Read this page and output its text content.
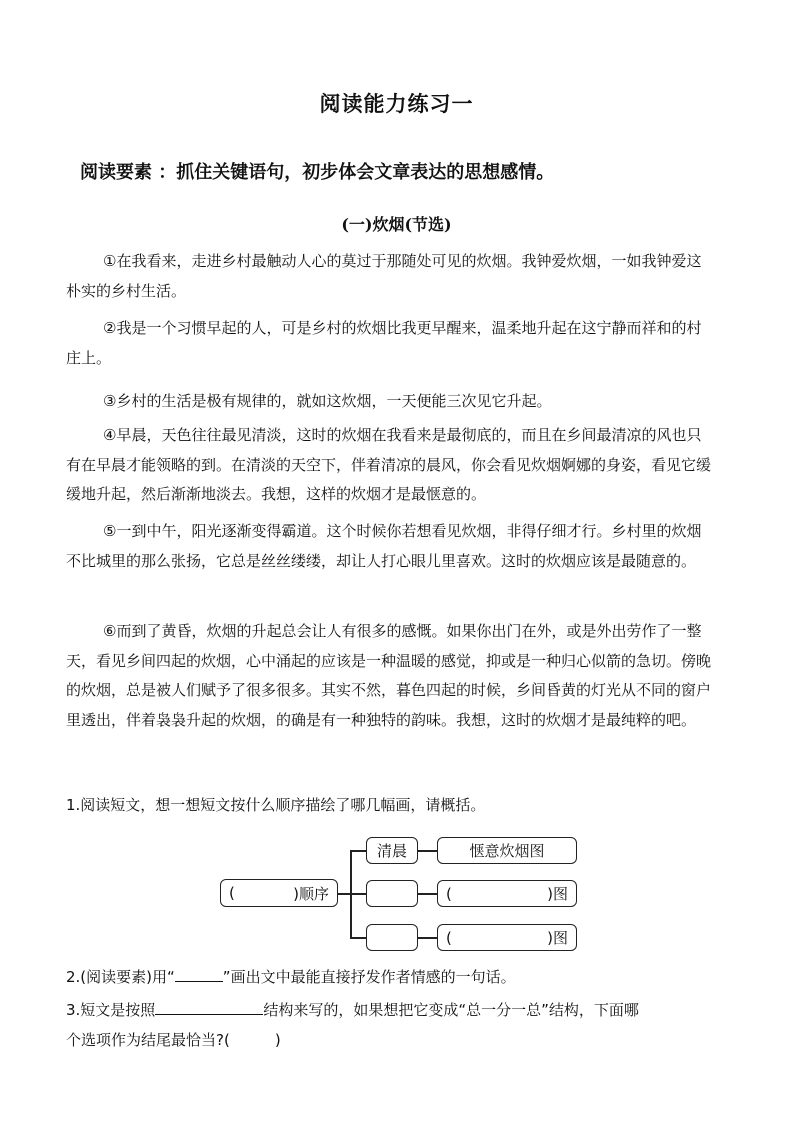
阅读能力练习一
阅读要素 ：抓住关键语句，初步体会文章表达的思想感情。
(一)炊烟(节选)
①在我看来，走进乡村最触动人心的莫过于那随处可见的炊烟。我钟爱炊烟，一如我钟爱这朴实的乡村生活。
②我是一个习惯早起的人，可是乡村的炊烟比我更早醒来，温柔地升起在这宁静而祥和的村庄上。
③乡村的生活是极有规律的，就如这炊烟，一天便能三次见它升起。
④早晨，天色往往最见清淡，这时的炊烟在我看来是最彻底的，而且在乡间最清凉的风也只有在早晨才能领略的到。在清淡的天空下，伴着清凉的晨风，你会看见炊烟婀娜的身姿，看见它缓缓地升起，然后渐渐地淡去。我想，这样的炊烟才是最惬意的。
⑤一到中午，阳光逐渐变得霸道。这个时候你若想看见炊烟，非得仔细才行。乡村里的炊烟不比城里的那么张扬，它总是丝丝缕缕，却让人打心眼儿里喜欢。这时的炊烟应该是最随意的。
⑥而到了黄昏，炊烟的升起总会让人有很多的感慨。如果你出门在外，或是外出劳作了一整天，看见乡间四起的炊烟，心中涌起的应该是一种温暖的感觉，抑或是一种归心似箭的急切。傍晚的炊烟，总是被人们赋予了很多很多。其实不然，暮色四起的时候，乡间昏黄的灯光从不同的窗户里透出，伴着袅袅升起的炊烟，的确是有一种独特的韵味。我想，这时的炊烟才是最纯粹的吧。
1.阅读短文，想一想短文按什么顺序描绘了哪几幅画，请概括。
(	)顺序
清晨	惬意炊烟图
(	)图
(	)图
2.(阅读要素)用“	”画出文中最能直接抒发作者情感的一句话。
3.短文是按照	结构来写的，如果想把它变成“总一分一总”结构，下面哪
个选项作为结尾最恰当?(　　　)
